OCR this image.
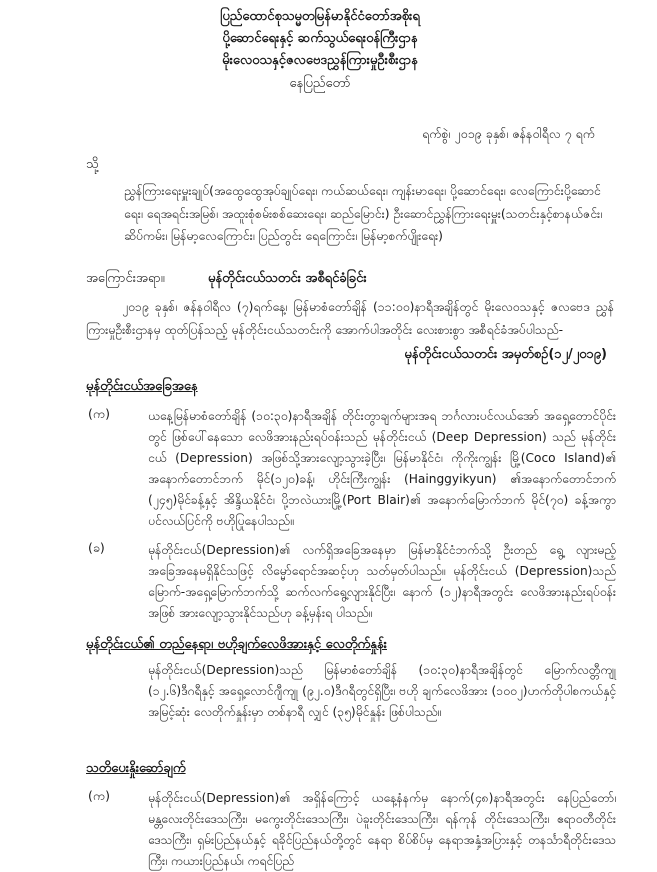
ပြည်ထောင်စုသမ္မတမြန်မာနိုင်ငံတော်အစိုးရ
ပို့ဆောင်ရေးနှင့် ဆက်သွယ်ရေးဝန်ကြီးဌာန
မိုးလေဝသနှင့်ဇလဗေဒညွှန်ကြားမှုဦးစီးဌာန
နေပြည်တော်
ရက်စွဲ၊ ၂၀၁၉ ခုနှစ်၊ ဇန်နဝါရီလ ၇ ရက်
သို့
ညွှန်ကြားရေးမှူးချုပ်(အထွေထွေအုပ်ချုပ်ရေး၊ ကယ်ဆယ်ရေး၊ ကျန်းမာရေး၊ ပို့ဆောင်ရေး၊ လေကြောင်းပို့ဆောင်ရေး၊ ရေအရင်းအမြစ်၊ အထူးစုံစမ်းစစ်ဆေးရေး၊ ဆည်မြောင်း) ဦးဆောင်ညွှန်ကြားရေးမှူး(သတင်းနှင့်စာနယ်ဇင်း၊ ဆိပ်ကမ်း၊ မြန်မာ့လေကြောင်း၊ ပြည်တွင်း ရေကြောင်း၊ မြန်မာ့စက်ပျိုးရေး)
အကြောင်းအရာ။	မုန်တိုင်းငယ်သတင်း အစီရင်ခံခြင်း
၂၀၁၉ ခုနှစ်၊ ဇန်နဝါရီလ (၇)ရက်နေ့၊ မြန်မာစံတော်ချိန် (၁၁:၀၀)နာရီအချိန်တွင် မိုးလေဝသနှင့် ဇလဗေဒ ညွှန်ကြားမှုဦးစီးဌာနမှ ထုတ်ပြန်သည့် မုန်တိုင်းငယ်သတင်းကို အောက်ပါအတိုင်း လေးစားစွာ အစီရင်ခံအပ်ပါသည်-
မုန်တိုင်းငယ်သတင်း အမှတ်စဉ်(၁၂/၂၀၁၉)
မုန်တိုင်းငယ်အခြေအနေ
(က)	ယနေ့မြန်မာစံတော်ချိန် (၁၀:၃၀)နာရီအချိန် တိုင်းတွာချက်များအရ ဘင်္ဂလားပင်လယ်အော် အရှေ့တောင်ပိုင်းတွင် ဖြစ်ပေါ်နေသော လေဖိအားနည်းရပ်ဝန်းသည် မုန်တိုင်းငယ် (Deep Depression) သည် မုန်တိုင်းငယ် (Depression) အဖြစ်သို့အားလျော့သွားခဲ့ပြီး၊ မြန်မာနိုင်ငံ၊ ကိုကိုးကျွန်း မြို့(Coco Island)၏ အနောက်တောင်ဘက် မိုင်(၁၂၀)ခန့်၊ ဟိုင်းကြီးကျွန်း (Hainggyikyun) ၏အနောက်တောင်ဘက် (၂၄၅)မိုင်ခန့်နှင့် အိန္ဒိယနိုင်ငံ၊ ပို့ဘလဲယားမြို့(Port Blair)၏ အနောက်မြောက်ဘက် မိုင်(၇၀) ခန့်အကွာ ပင်လယ်ပြင်ကို ဗဟိုပြုနေပါသည်။
(ခ)	မုန်တိုင်းငယ်(Depression)၏ လက်ရှိအခြေအနေမှာ မြန်မာနိုင်ငံဘက်သို့ ဦးတည် ရွေ့ လျားမည့် အခြေအနေမရှိနိုင်သဖြင့် လိမ္မော်ရောင်အဆင့်ဟု သတ်မှတ်ပါသည်။ မုန်တိုင်းငယ် (Depression)သည် မြောက်-အရှေ့မြောက်ဘက်သို့ ဆက်လက်ရွေ့လျားနိုင်ပြီး၊ နောက် (၁၂)နာရီအတွင်း လေဖိအားနည်းရပ်ဝန်းအဖြစ် အားလျော့သွားနိုင်သည်ဟု ခန့်မှန်းရ ပါသည်။
မုန်တိုင်းငယ်၏ တည်နေရာ၊ ဗဟိုချက်လေဖိအားနှင့် လေတိုက်နှုန်း
မုန်တိုင်းငယ်(Depression)သည် မြန်မာစံတော်ချိန် (၁၀:၃၀)နာရီအချိန်တွင် မြောက်လတ္တီကျု (၁၂.၆)ဒီဂရီနှင့် အရှေ့လောင်ဂျီကျု (၉၂.၀)ဒီဂရီတွင်ရှိပြီး၊ ဗဟို ချက်လေဖိအား (၁၀၀၂)ဟက်တိုပါစကယ်နှင့် အမြင့်ဆုံး လေတိုက်နှုန်းမှာ တစ်နာရီ လျှင် (၃၅)မိုင်နှုန်း ဖြစ်ပါသည်။
သတိပေးနှိုးဆော်ချက်
(က)	မုန်တိုင်းငယ်(Depression)၏ အရှိန်ကြောင့် ယနေ့နံနက်မှ နောက်(၄၈)နာရီအတွင်း နေပြည်တော်၊ မန္တလေးတိုင်းဒေသကြီး၊ မကွေးတိုင်းဒေသကြီး၊ ပဲခူးတိုင်းဒေသကြီး၊ ရန်ကုန် တိုင်းဒေသကြီး၊ ဧရာဝတီတိုင်းဒေသကြီး၊ ရှမ်းပြည်နယ်နှင့် ရခိုင်ပြည်နယ်တို့တွင် နေရာ စိပ်စိပ်မှ နေရာအနှံ့အပြားနှင့် တနင်္သာရီတိုင်းဒေသကြီး၊ ကယားပြည်နယ်၊ ကရင်ပြည်
